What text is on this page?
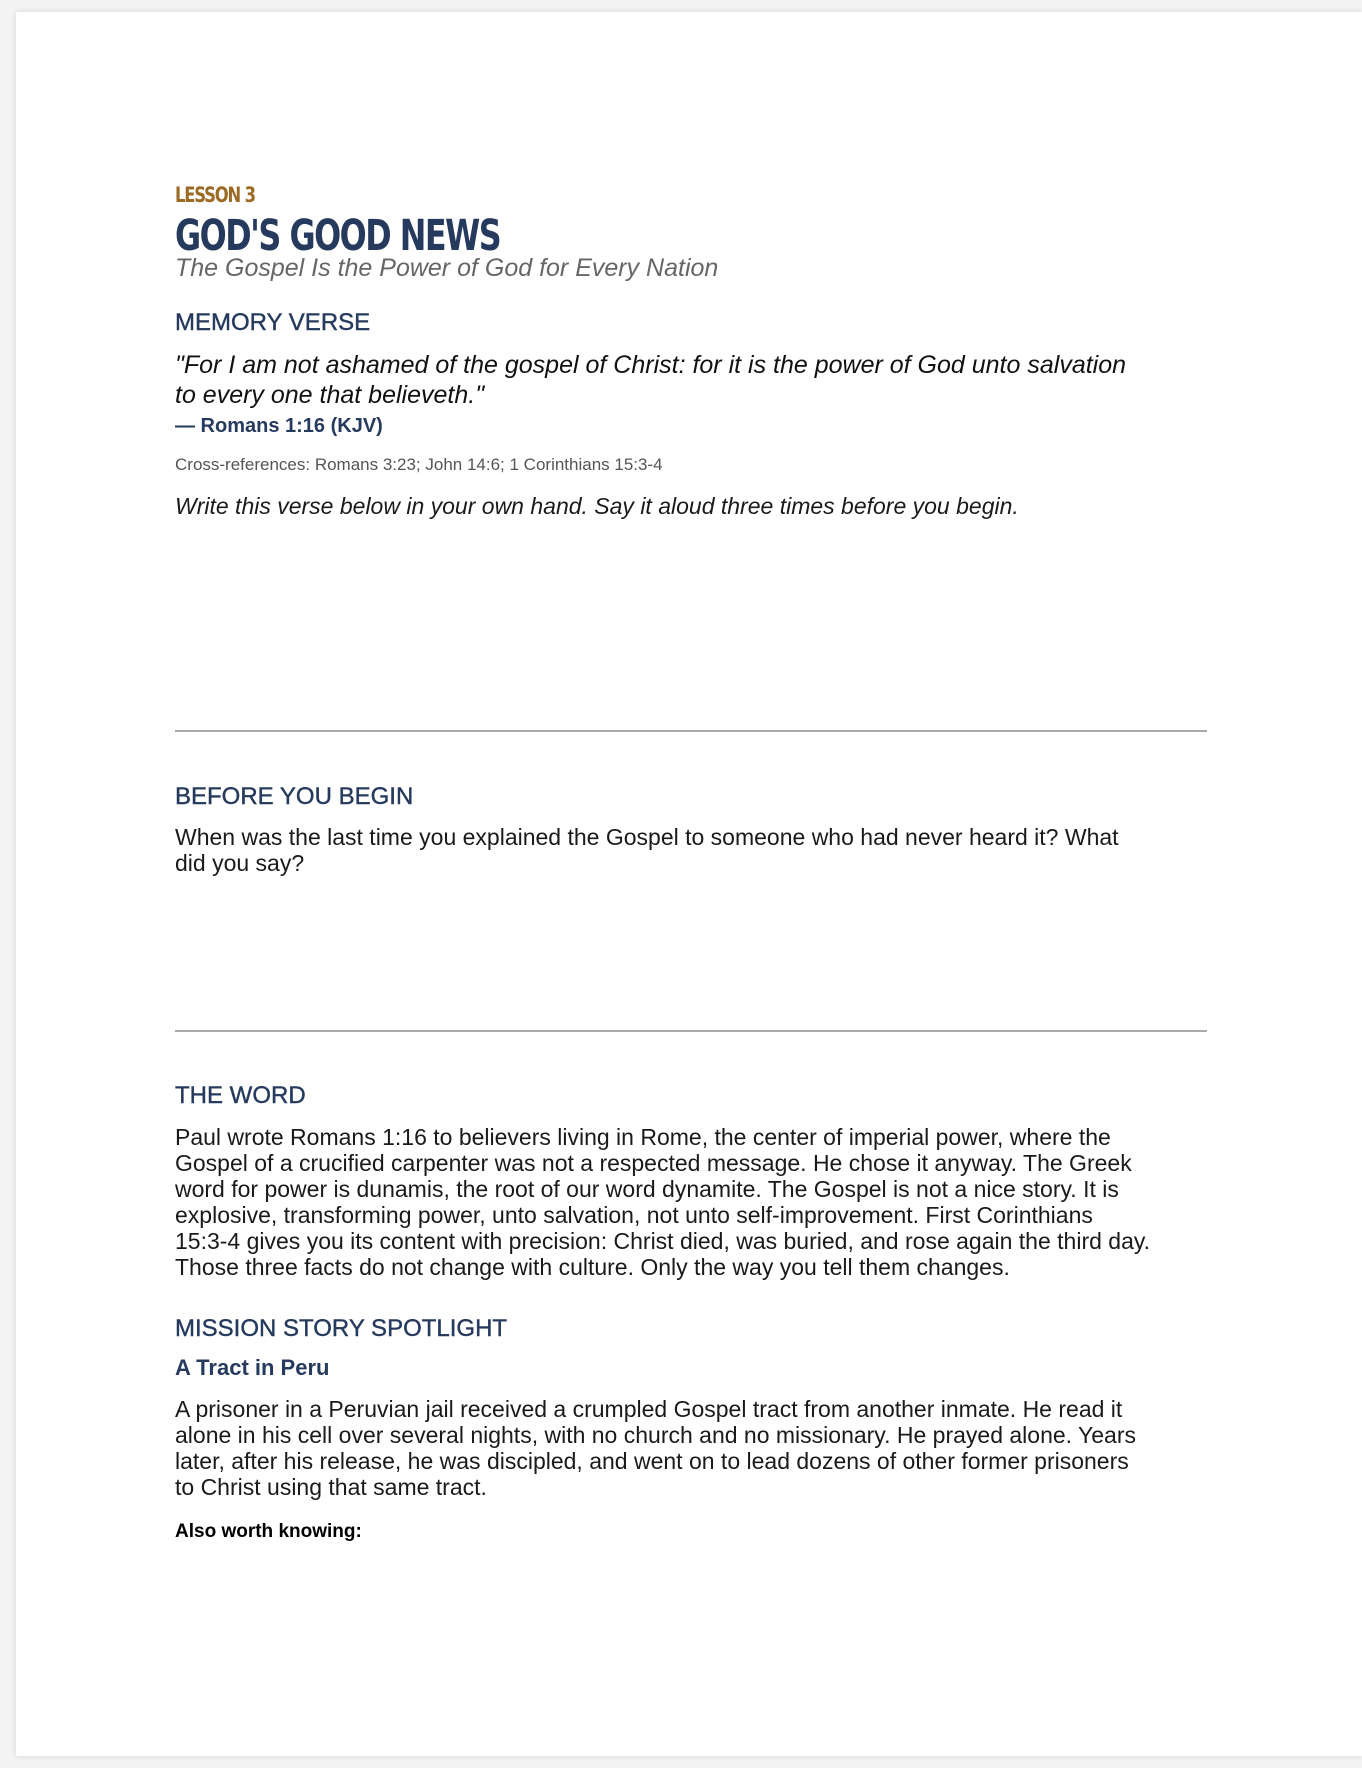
LESSON 3
GOD'S GOOD NEWS
The Gospel Is the Power of God for Every Nation
MEMORY VERSE
"For I am not ashamed of the gospel of Christ: for it is the power of God unto salvation
to every one that believeth."
— Romans 1:16 (KJV)
Cross-references: Romans 3:23; John 14:6; 1 Corinthians 15:3-4
Write this verse below in your own hand. Say it aloud three times before you begin.
BEFORE YOU BEGIN
When was the last time you explained the Gospel to someone who had never heard it? What
did you say?
THE WORD
Paul wrote Romans 1:16 to believers living in Rome, the center of imperial power, where the
Gospel of a crucified carpenter was not a respected message. He chose it anyway. The Greek
word for power is dunamis, the root of our word dynamite. The Gospel is not a nice story. It is
explosive, transforming power, unto salvation, not unto self-improvement. First Corinthians
15:3-4 gives you its content with precision: Christ died, was buried, and rose again the third day.
Those three facts do not change with culture. Only the way you tell them changes.
MISSION STORY SPOTLIGHT
A Tract in Peru
A prisoner in a Peruvian jail received a crumpled Gospel tract from another inmate. He read it
alone in his cell over several nights, with no church and no missionary. He prayed alone. Years
later, after his release, he was discipled, and went on to lead dozens of other former prisoners
to Christ using that same tract.
Also worth knowing:
